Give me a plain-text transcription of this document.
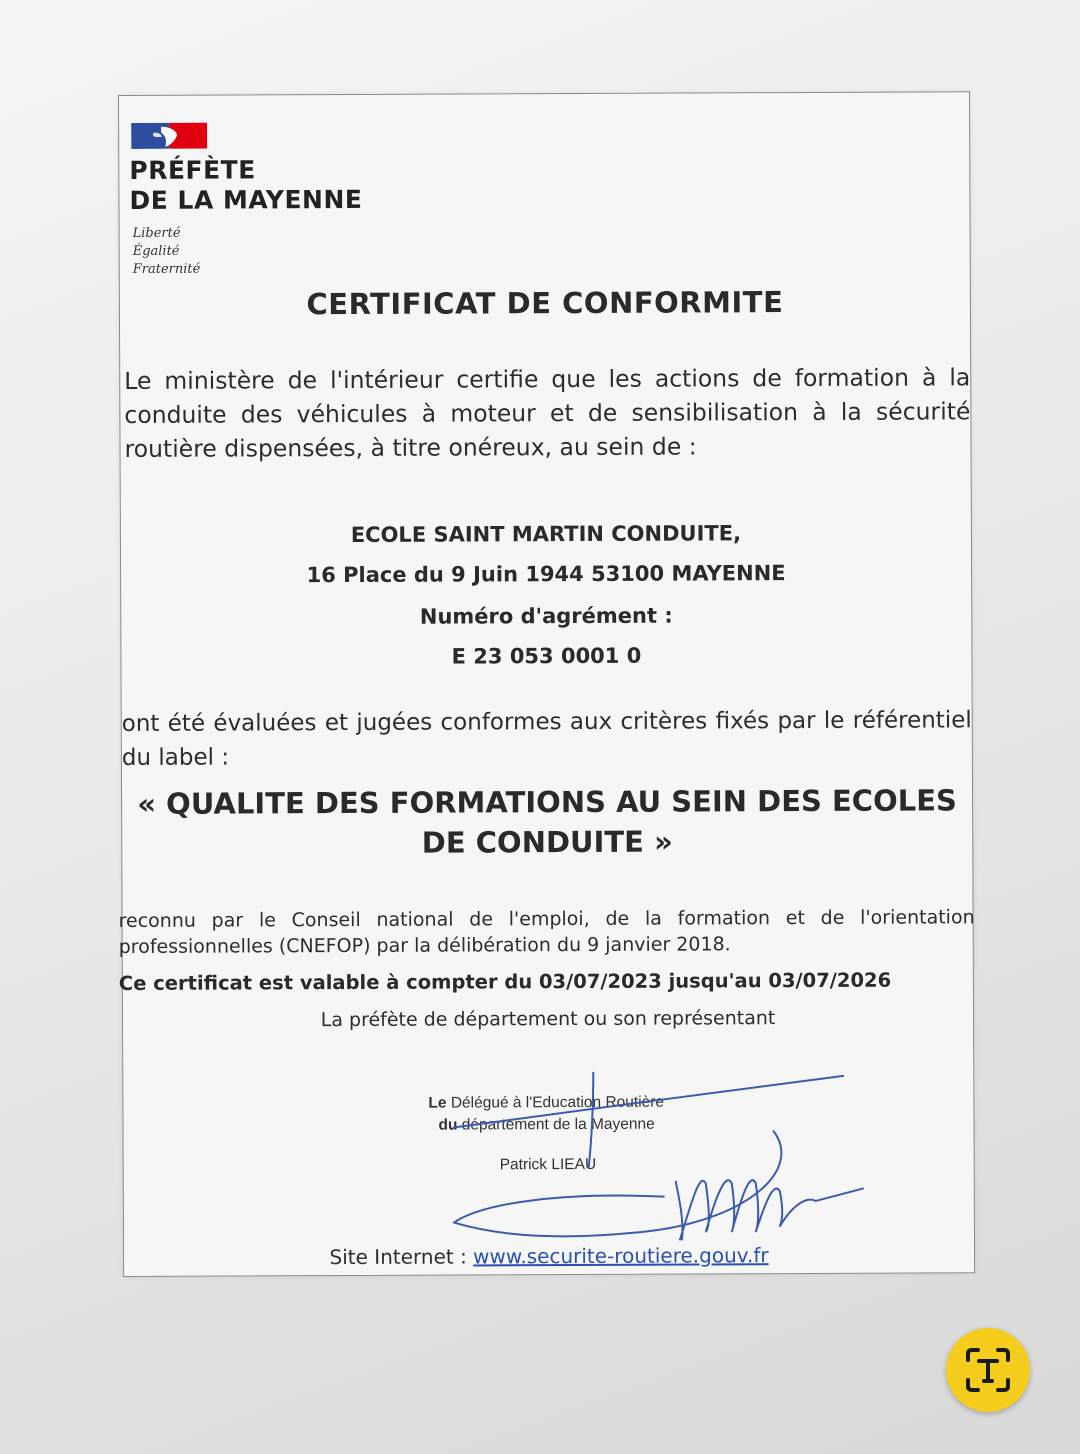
PRÉFÈTE
DE LA MAYENNE
Liberté
Égalité
Fraternité
CERTIFICAT DE CONFORMITE
Le ministère de l'intérieur certifie que les actions de formation à la conduite des véhicules à moteur et de sensibilisation à la sécurité routière dispensées, à titre onéreux, au sein de :
ECOLE SAINT MARTIN CONDUITE,
16 Place du 9 Juin 1944 53100 MAYENNE
Numéro d'agrément :
E 23 053 0001 0
ont été évaluées et jugées conformes aux critères fixés par le référentiel du label :
« QUALITE DES FORMATIONS AU SEIN DES ECOLES DE CONDUITE »
reconnu par le Conseil national de l'emploi, de la formation et de l'orientation professionnelles (CNEFOP) par la délibération du 9 janvier 2018.
Ce certificat est valable à compter du 03/07/2023 jusqu'au 03/07/2026
La préfète de département ou son représentant
Le Délégué à l'Education Routière
du département de la Mayenne
Patrick LIEAU
Site Internet : www.securite-routiere.gouv.fr
